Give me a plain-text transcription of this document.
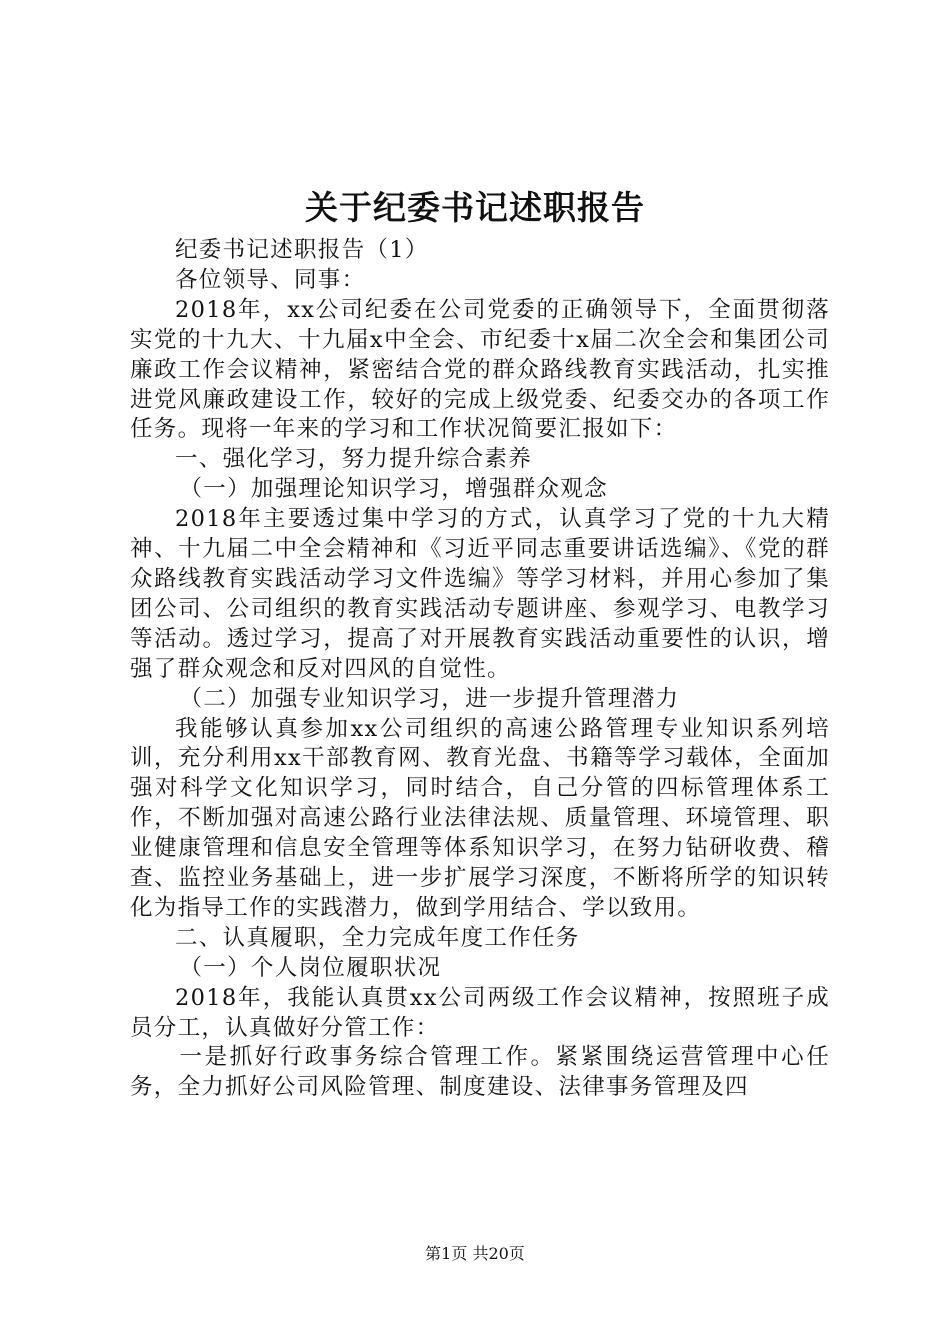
关于纪委书记述职报告

纪委书记述职报告（1）

各位领导、同事：

2018年，xx公司纪委在公司党委的正确领导下，全面贯彻落实党的十九大、十九届x中全会、市纪委十x届二次全会和集团公司廉政工作会议精神，紧密结合党的群众路线教育实践活动，扎实推进党风廉政建设工作，较好的完成上级党委、纪委交办的各项工作任务。现将一年来的学习和工作状况简要汇报如下：

一、强化学习，努力提升综合素养

（一）加强理论知识学习，增强群众观念

2018年主要透过集中学习的方式，认真学习了党的十九大精神、十九届二中全会精神和《习近平同志重要讲话选编》、《党的群众路线教育实践活动学习文件选编》等学习材料，并用心参加了集团公司、公司组织的教育实践活动专题讲座、参观学习、电教学习等活动。透过学习，提高了对开展教育实践活动重要性的认识，增强了群众观念和反对四风的自觉性。

（二）加强专业知识学习，进一步提升管理潜力

我能够认真参加xx公司组织的高速公路管理专业知识系列培训，充分利用xx干部教育网、教育光盘、书籍等学习载体，全面加强对科学文化知识学习，同时结合，自己分管的四标管理体系工作，不断加强对高速公路行业法律法规、质量管理、环境管理、职业健康管理和信息安全管理等体系知识学习，在努力钻研收费、稽查、监控业务基础上，进一步扩展学习深度，不断将所学的知识转化为指导工作的实践潜力，做到学用结合、学以致用。

二、认真履职，全力完成年度工作任务

（一）个人岗位履职状况

2018年，我能认真贯xx公司两级工作会议精神，按照班子成员分工，认真做好分管工作：

一是抓好行政事务综合管理工作。紧紧围绕运营管理中心任务，全力抓好公司风险管理、制度建设、法律事务管理及四

第1页 共20页
